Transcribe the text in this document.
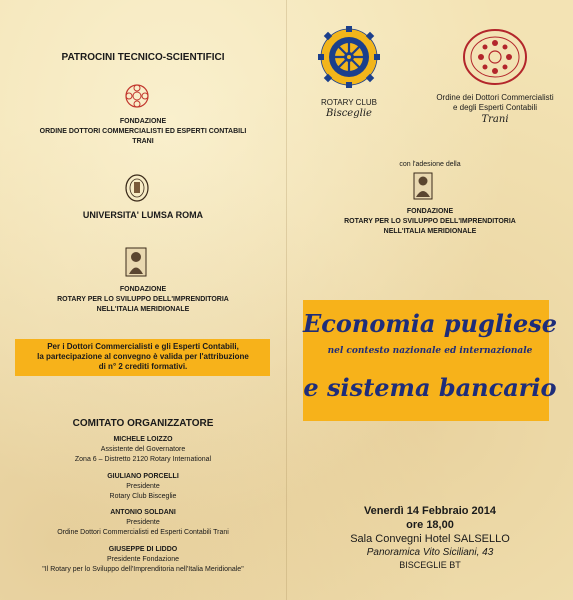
PATROCINI TECNICO-SCIENTIFICI
FONDAZIONE
ORDINE DOTTORI COMMERCIALISTI ED ESPERTI CONTABILI
TRANI
UNIVERSITA' LUMSA ROMA
FONDAZIONE
ROTARY PER LO SVILUPPO DELL'IMPRENDITORIA
NELL'ITALIA MERIDIONALE
Per i Dottori Commercialisti e gli Esperti Contabili,
la partecipazione al convegno è valida per l'attribuzione
di n° 2 crediti formativi.
COMITATO ORGANIZZATORE
MICHELE LOIZZO
Assistente del Governatore
Zona 6 – Distretto 2120 Rotary International
GIULIANO PORCELLI
Presidente
Rotary Club Bisceglie
ANTONIO SOLDANI
Presidente
Ordine Dottori Commercialisti ed Esperti Contabili Trani
GIUSEPPE DI LIDDO
Presidente Fondazione
"Il Rotary per lo Sviluppo dell'Imprenditoria nell'Italia Meridionale"
ROTARY CLUB
Bisceglie
Ordine dei Dottori Commercialisti
e degli Esperti Contabili
Trani
con l'adesione della
FONDAZIONE
ROTARY PER LO SVILUPPO DELL'IMPRENDITORIA
NELL'ITALIA MERIDIONALE
Economia pugliese
nel contesto nazionale ed internazionale
e sistema bancario
Venerdì 14 Febbraio 2014
ore 18,00
Sala Convegni Hotel SALSELLO
Panoramica Vito Siciliani, 43
BISCEGLIE BT
